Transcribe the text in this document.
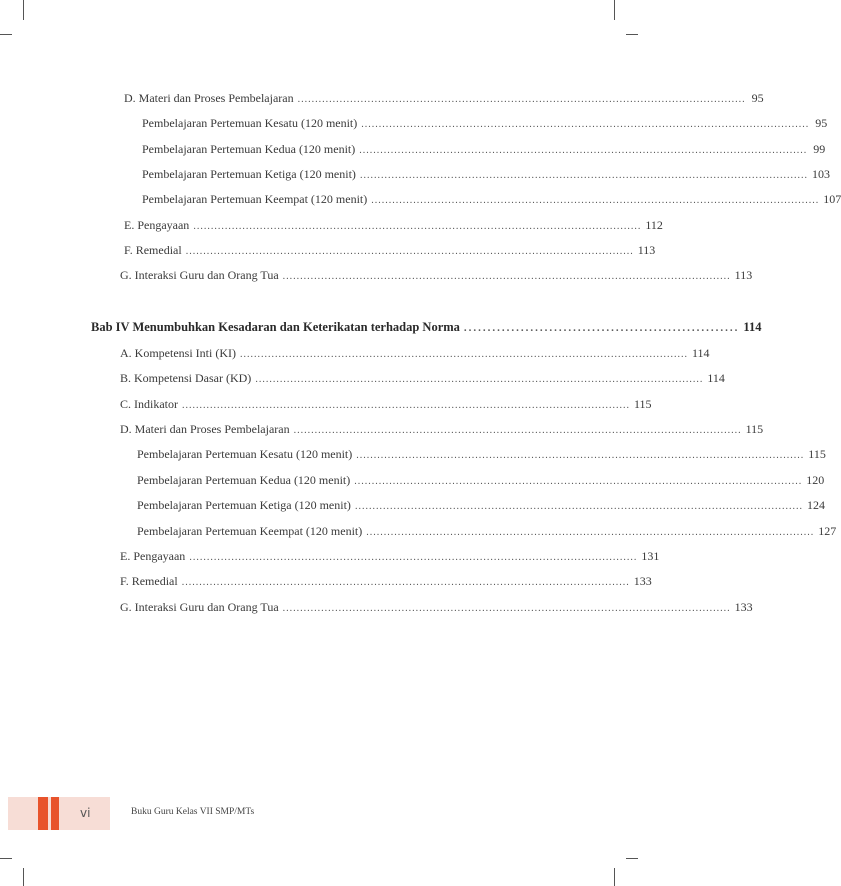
D. Materi dan Proses Pembelajaran ................................................................................................................................ 95
Pembelajaran Pertemuan Kesatu (120 menit) ................................................................................................................................ 95
Pembelajaran Pertemuan Kedua (120 menit) ................................................................................................................................ 99
Pembelajaran Pertemuan Ketiga (120 menit) ................................................................................................................................ 103
Pembelajaran Pertemuan Keempat (120 menit) ................................................................................................................................ 107
E. Pengayaan ................................................................................................................................ 112
F. Remedial ................................................................................................................................ 113
G. Interaksi Guru dan Orang Tua ................................................................................................................................ 113
Bab IV Menumbuhkan Kesadaran dan Keterikatan terhadap Norma .......................................................... 114
A. Kompetensi Inti (KI) ................................................................................................................................ 114
B. Kompetensi Dasar (KD) ................................................................................................................................ 114
C. Indikator ................................................................................................................................ 115
D. Materi dan Proses Pembelajaran ................................................................................................................................ 115
Pembelajaran Pertemuan Kesatu (120 menit) ................................................................................................................................ 115
Pembelajaran Pertemuan Kedua (120 menit) ................................................................................................................................ 120
Pembelajaran Pertemuan Ketiga (120 menit) ................................................................................................................................ 124
Pembelajaran Pertemuan Keempat (120 menit) ................................................................................................................................ 127
E. Pengayaan ................................................................................................................................ 131
F. Remedial ................................................................................................................................ 133
G. Interaksi Guru dan Orang Tua ................................................................................................................................ 133
vi	Buku Guru Kelas VII SMP/MTs
